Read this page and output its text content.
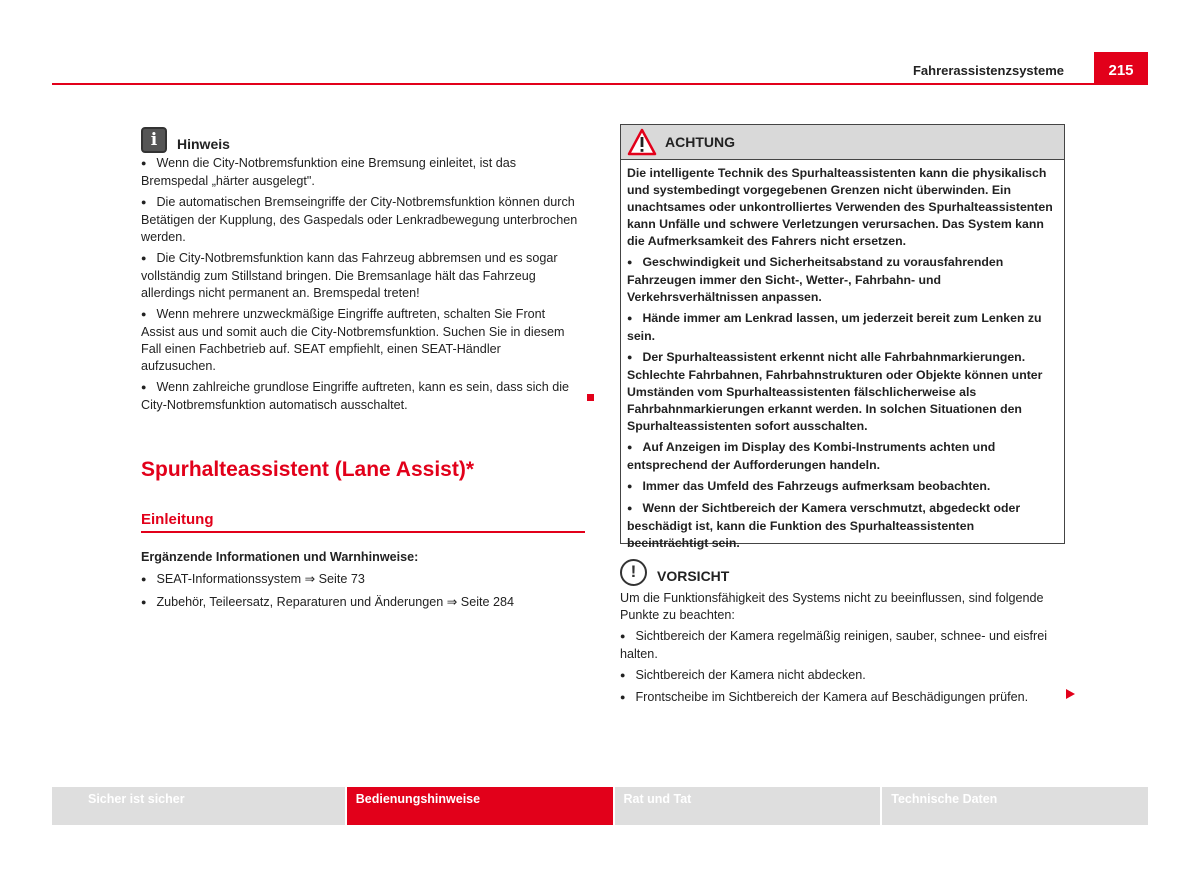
Fahrerassistenzsysteme	215
i	Hinweis
● Wenn die City-Notbremsfunktion eine Bremsung einleitet, ist das Bremspedal „härter ausgelegt".
● Die automatischen Bremseingriffe der City-Notbremsfunktion können durch Betätigen der Kupplung, des Gaspedals oder Lenkradbewegung unterbrochen werden.
● Die City-Notbremsfunktion kann das Fahrzeug abbremsen und es sogar vollständig zum Stillstand bringen. Die Bremsanlage hält das Fahrzeug allerdings nicht permanent an. Bremspedal treten!
● Wenn mehrere unzweckmäßige Eingriffe auftreten, schalten Sie Front Assist aus und somit auch die City-Notbremsfunktion. Suchen Sie in diesem Fall einen Fachbetrieb auf. SEAT empfiehlt, einen SEAT-Händler aufzusuchen.
● Wenn zahlreiche grundlose Eingriffe auftreten, kann es sein, dass sich die City-Notbremsfunktion automatisch ausschaltet.
Spurhalteassistent (Lane Assist)*
Einleitung
Ergänzende Informationen und Warnhinweise:
● SEAT-Informationssystem ⇒ Seite 73
● Zubehör, Teileersatz, Reparaturen und Änderungen ⇒ Seite 284
ACHTUNG

Die intelligente Technik des Spurhalteassistenten kann die physikalisch und systembedingt vorgegebenen Grenzen nicht überwinden. Ein unachtsames oder unkontrolliertes Verwenden des Spurhalteassistenten kann Unfälle und schwere Verletzungen verursachen. Das System kann die Aufmerksamkeit des Fahrers nicht ersetzen.

● Geschwindigkeit und Sicherheitsabstand zu vorausfahrenden Fahrzeugen immer den Sicht-, Wetter-, Fahrbahn- und Verkehrsverhältnissen anpassen.
● Hände immer am Lenkrad lassen, um jederzeit bereit zum Lenken zu sein.
● Der Spurhalteassistent erkennt nicht alle Fahrbahnmarkierungen. Schlechte Fahrbahnen, Fahrbahnstrukturen oder Objekte können unter Umständen vom Spurhalteassistenten fälschlicherweise als Fahrbahnmarkierungen erkannt werden. In solchen Situationen den Spurhalteassistenten sofort ausschalten.
● Auf Anzeigen im Display des Kombi-Instruments achten und entsprechend der Aufforderungen handeln.
● Immer das Umfeld des Fahrzeugs aufmerksam beobachten.
● Wenn der Sichtbereich der Kamera verschmutzt, abgedeckt oder beschädigt ist, kann die Funktion des Spurhalteassistenten beeinträchtigt sein.
!	VORSICHT

Um die Funktionsfähigkeit des Systems nicht zu beeinflussen, sind folgende Punkte zu beachten:

● Sichtbereich der Kamera regelmäßig reinigen, sauber, schnee- und eisfrei halten.
● Sichtbereich der Kamera nicht abdecken.
● Frontscheibe im Sichtbereich der Kamera auf Beschädigungen prüfen.
Sicher ist sicher	Bedienungshinweise	Rat und Tat	Technische Daten
